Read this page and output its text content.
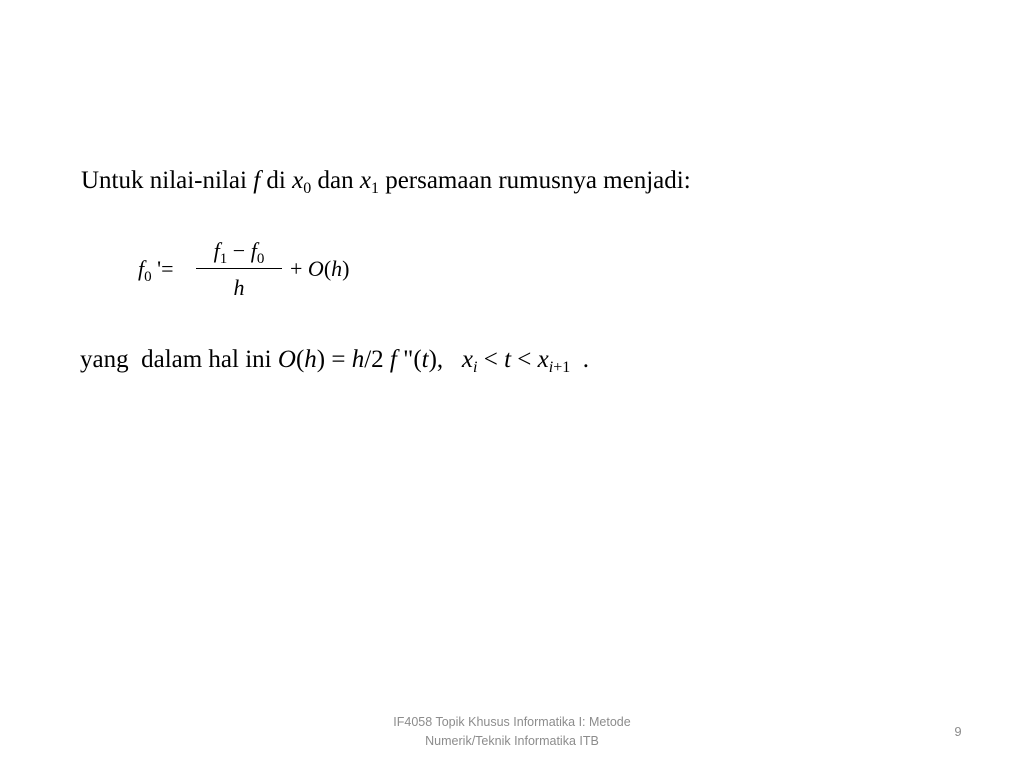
Untuk nilai-nilai f di $x_0$ dan $x_1$ persamaan rumusnya menjadi:
$f_0$ '=
$f_1 - f_0$
h
+ O(h)
yang  dalam hal ini O(h) = h/2 f "(t),   $x_i < t < x_{i+1}$  .
IF4058 Topik Khusus Informatika I: Metode
Numerik/Teknik Informatika ITB
9
